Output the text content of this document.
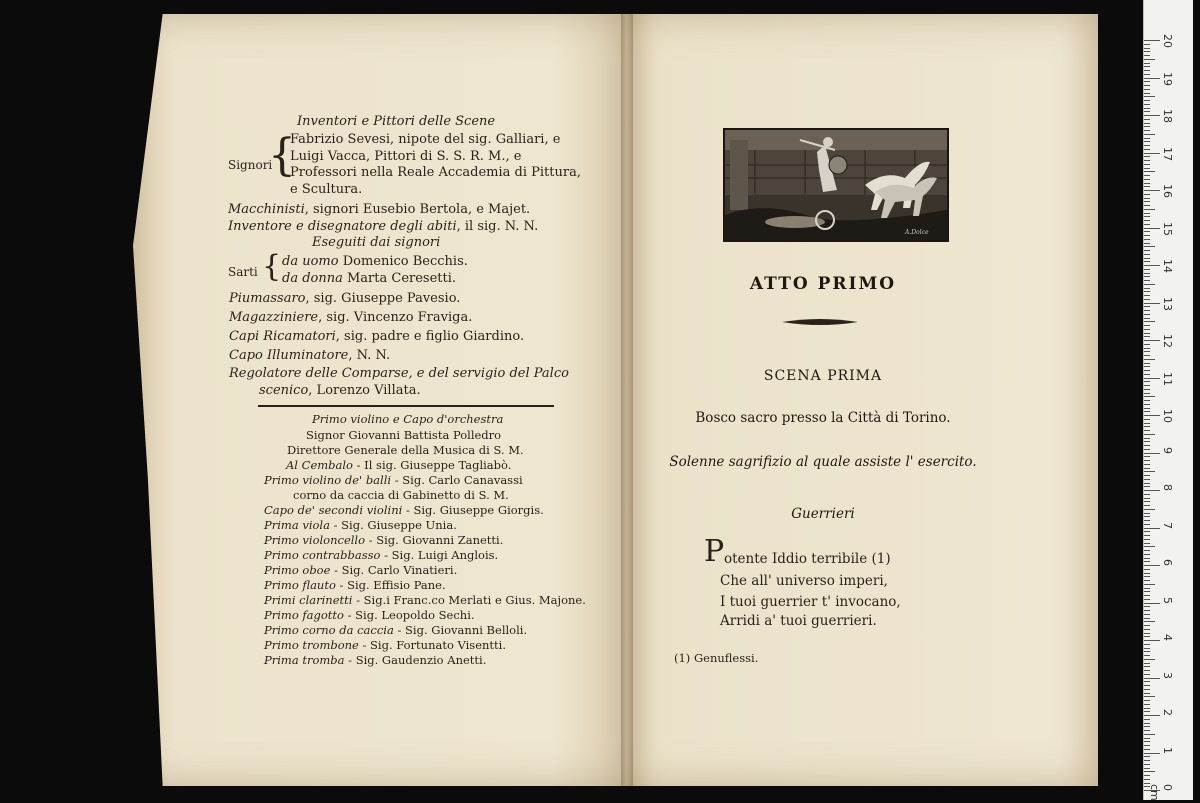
Inventori e Pittori delle Scene
Signori
{
Fabrizio Sevesi, nipote del sig. Galliari, e
Luigi Vacca, Pittori di S. S. R. M., e
Professori nella Reale Accademia di Pittura,
e Scultura.
Macchinisti, signori Eusebio Bertola, e Majet.
Inventore e disegnatore degli abiti, il sig. N. N.
Eseguiti dai signori
Sarti { da uomo Domenico Becchis.
da donna Marta Ceresetti.
Piumassaro, sig. Giuseppe Pavesio.
Magazziniere, sig. Vincenzo Fraviga.
Capi Ricamatori, sig. padre e figlio Giardino.
Capo Illuminatore, N. N.
Regolatore delle Comparse, e del servigio del Palco
scenico, Lorenzo Villata.
Primo violino e Capo d'orchestra
Signor Giovanni Battista Polledro
Direttore Generale della Musica di S. M.
Al Cembalo - Il sig. Giuseppe Tagliabò.
Primo violino de' balli - Sig. Carlo Canavassi
corno da caccia di Gabinetto di S. M.
Capo de' secondi violini - Sig. Giuseppe Giorgis.
Prima viola - Sig. Giuseppe Unia.
Primo violoncello - Sig. Giovanni Zanetti.
Primo contrabbasso - Sig. Luigi Anglois.
Primo oboe - Sig. Carlo Vinatieri.
Primo flauto - Sig. Effisio Pane.
Primi clarinetti - Sig.i Franc.co Merlati e Gius. Majone.
Primo fagotto - Sig. Leopoldo Sechi.
Primo corno da caccia - Sig. Giovanni Belloli.
Primo trombone - Sig. Fortunato Visentti.
Prima tromba - Sig. Gaudenzio Anetti.
A.Dolce
ATTO PRIMO
SCENA PRIMA
Bosco sacro presso la Città di Torino.
Solenne sagrifizio al quale assiste l' esercito.
Guerrieri
P otente Iddio terribile (1)
Che all' universo imperi,
I tuoi guerrier t' invocano,
Arridi a' tuoi guerrieri.
(1) Genuflessi.
0 cm
1
2
3
4
5
6
7
8
9
10
11
12
13
14
15
16
17
18
19
20
